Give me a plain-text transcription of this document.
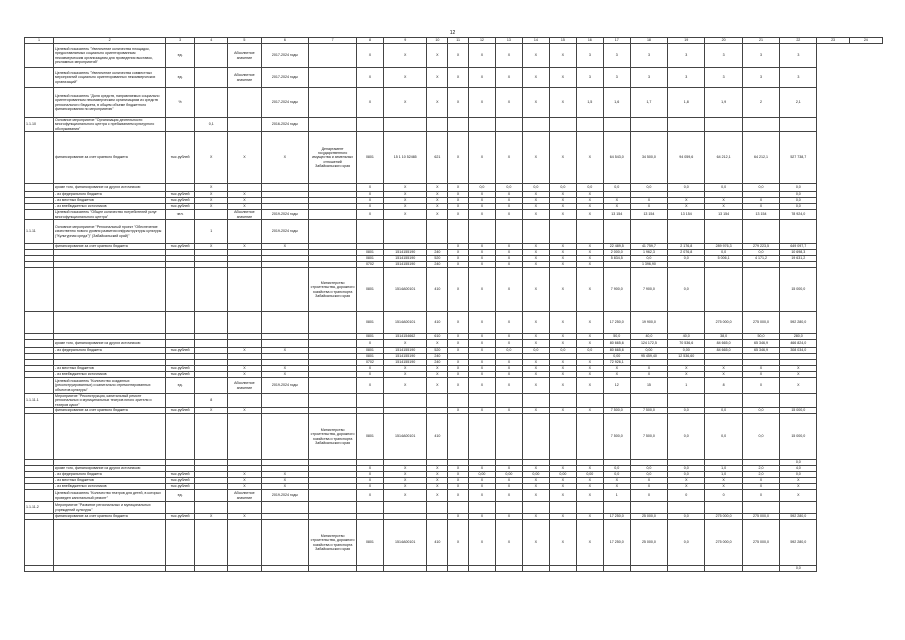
12
1	2	3	4	5	6	7	8	9	10	11	12	13	14	15	16	17	18	19	20	21	22	23	24
	Целевой показатель "Увеличение количества площадок, предоставляемых социально ориентированным некоммерческим организациям для проведения выставок, рекламных мероприятий"	ед.		Абсолютное значение	2017-2024 годы		X	X	X	X	X	X	X	X	3	3	3	3	3	3	3		
	Целевой показатель "Увеличение количества совместных мероприятий социально ориентированных некоммерческих организаций"	ед.		Абсолютное значение	2017-2024 годы		X	X	X	X	X	X	X	X	3	3	3	3	3	3	3		
	Целевой показатель "Доля средств, направляемых социально ориентированным некоммерческим организациям из средств регионального бюджета, в общем объеме бюджетного финансирования по мероприятию"	%			2017-2024 годы		X	X	X	X	X	X	X	X	1,5	1,6	1,7	1,8	1,9	2	2,1		
1.1.10	Основное мероприятие "Организация деятельности многофункционального центра с пребыванием культурного обслуживания"		0,1		2016-2024 годы																		
	финансирование за счет краевого бюджета	тыс.рублей	X	X	X	Департамент государственного имущества и земельных отношений Забайкальского края	0801	15 1 10 52465	621	X	X	X	X	X	X	64 543,0	34 500,0	94 059,6	64 212,1	64 212,1	527 738,7		
	кроме того, финансирование из других источников:		X				X	X	X	X	0,0	0,0	0,0	0,0	0,0	0,0	0,0	0,0	0,0	0,0	0,0		
	- из федерального бюджета	тыс.рублей	X	X			X	X	X	X	X	X	X	X	X						0,0		
	- из местных бюджетов	тыс.рублей	X	X			X	X	X	X	X	X	X	X	X	X	X	X	X	X	0,0		
	- из внебюджетных источников	тыс.рублей	X	X			X	X	X	X	X	X	X	X	X	X	X	X	X	X	0,0		
	Целевой показатель "Общее количество потребителей услуг многофункционального центра"	чел.		Абсолютное значение	2019-2024 годы		X	X	X	X	X	X	X	X	X	13 154	13 154	13 154	13 154	13 154	78 924,0		
1.1.11	Основное мероприятие "Региональный проект "Обеспечение качественно нового уровня развития инфраструктуры культуры ("Культурная среда")" (Забайкальский край)"		1		2019-2024 годы																		
	финансирование за счет краевого бюджета	тыс.рублей	X	X	X					X	X	X	X	X	X	22 489,5	41 759,7	2 176,8	289 976,3	279 223,5	649 097,7		
							0801	1514155190	240	X	X	X	X	X	X	2 000,0	1 962,3	2 076,8	0,0	0,0	10 698,3		
							0801	1514155190	520	X	X	X	X	X	X	5 834,5	0,0	0,0	5 006,1	4 171,2	19 631,2		
							0702	1514155190	240	X	X	X	X	X	X		1 396,90						
						Министерство строительства, дорожного хозяйства и транспорта Забайкальского края	0801	1514A00101	410	X	X	X	X	X	X	7 900,0	7 900,0	0,0			15 000,0		
							0801	1514A00101	410	X	X	X	X	X	X	17 250,0	19 900,0		275 000,0	275 000,0	592 280,0		
							0801	1514154662	610	X	X	X	X	X	X	50,0	40,0	40,0	38,0	50,0	280,0		
	кроме того, финансирование из других источников:						X	X	X	X	X	X	X	X	X	80 665,6	124 172,5	70 536,6	84 665,0	65 346,9	466 824,0		
	- из федерального бюджета	тыс.рублей		X	X		0801	1514155190	520	X	X	0,0	0,0	0,0	0,0	80 665,6	0,00	0,00	84 665,0	65 346,9	308 034,0		
							0801	1514155190	240							0,00	95 459,40	12 536,60					
							0702	1514155190	240	X	X	X	X	X	X	72 926,1							
	- из местных бюджетов	тыс.рублей		X	X		X	X	X	X	X	X	X	X	X	X	X	X	X	X	X		
	- из внебюджетных источников	тыс.рублей		X	X		X	X	X	X	X	X	X	X	X	X	X	X	X	X	X		
	Целевой показатель "Количество созданных (реконструированных) и капитально отремонтированных объектов культуры"	ед.		Абсолютное значение	2019-2024 годы		X	X	X	X	X	X	X	X	X	12	15	1	8	0	X		
1.1.11.1	Мероприятие "Реконструкция, капитальный ремонт региональных и муниципальных театров юного зрителя и театров кукол"		8																				
	финансирование за счет краевого бюджета	тыс.рублей	X	X						X	X	X	X	X	X	7 500,0	7 500,0	0,0	0,0	0,0	15 000,0		
						Министерство строительства, дорожного хозяйства и транспорта Забайкальского края	0801	1514A00101	410							7 500,0	7 500,0	0,0	0,0	0,0	15 000,0		
																					0,0		
	кроме того, финансирование из других источников:						X	X	X	X	X	X	X	X	X	0,0	0,0	0,0	1,0	2,0	4,0		
	- из федерального бюджета	тыс.рублей		X	X		X	X	X	X	0,00	0,00	0,00	0,00	0,00	0,0	0,0	0,0	1,0	2,0	0,0		
	- из местных бюджетов	тыс.рублей		X	X		X	X	X	X	X	X	X	X	X	X	X	X	X	X	X		
	- из внебюджетных источников	тыс.рублей		X	X		X	X	X	X	X	X	X	X	X	X	X	X	X	X	X		
	Целевой показатель "Количество театров для детей, в которых проведен капитальный ремонт"	ед.		Абсолютное значение	2019-2024 годы		X	X	X	X	X	X	X	X	X	1	0	0	0	0	X		
1.1.11.2	Мероприятие "Развитие региональных и муниципальных учреждений культуры"																						
	финансирование за счет краевого бюджета	тыс.рублей	X	X						X	X	X	X	X	X	17 250,0	25 000,0	0,0	275 000,0	275 000,0	592 280,0		
						Министерство строительства, дорожного хозяйства и транспорта Забайкальского края	0801	1514A00101	410	X	X	X	X	X	X	17 250,0	25 000,0	0,0	275 000,0	275 000,0	592 280,0		
																					0,0		
